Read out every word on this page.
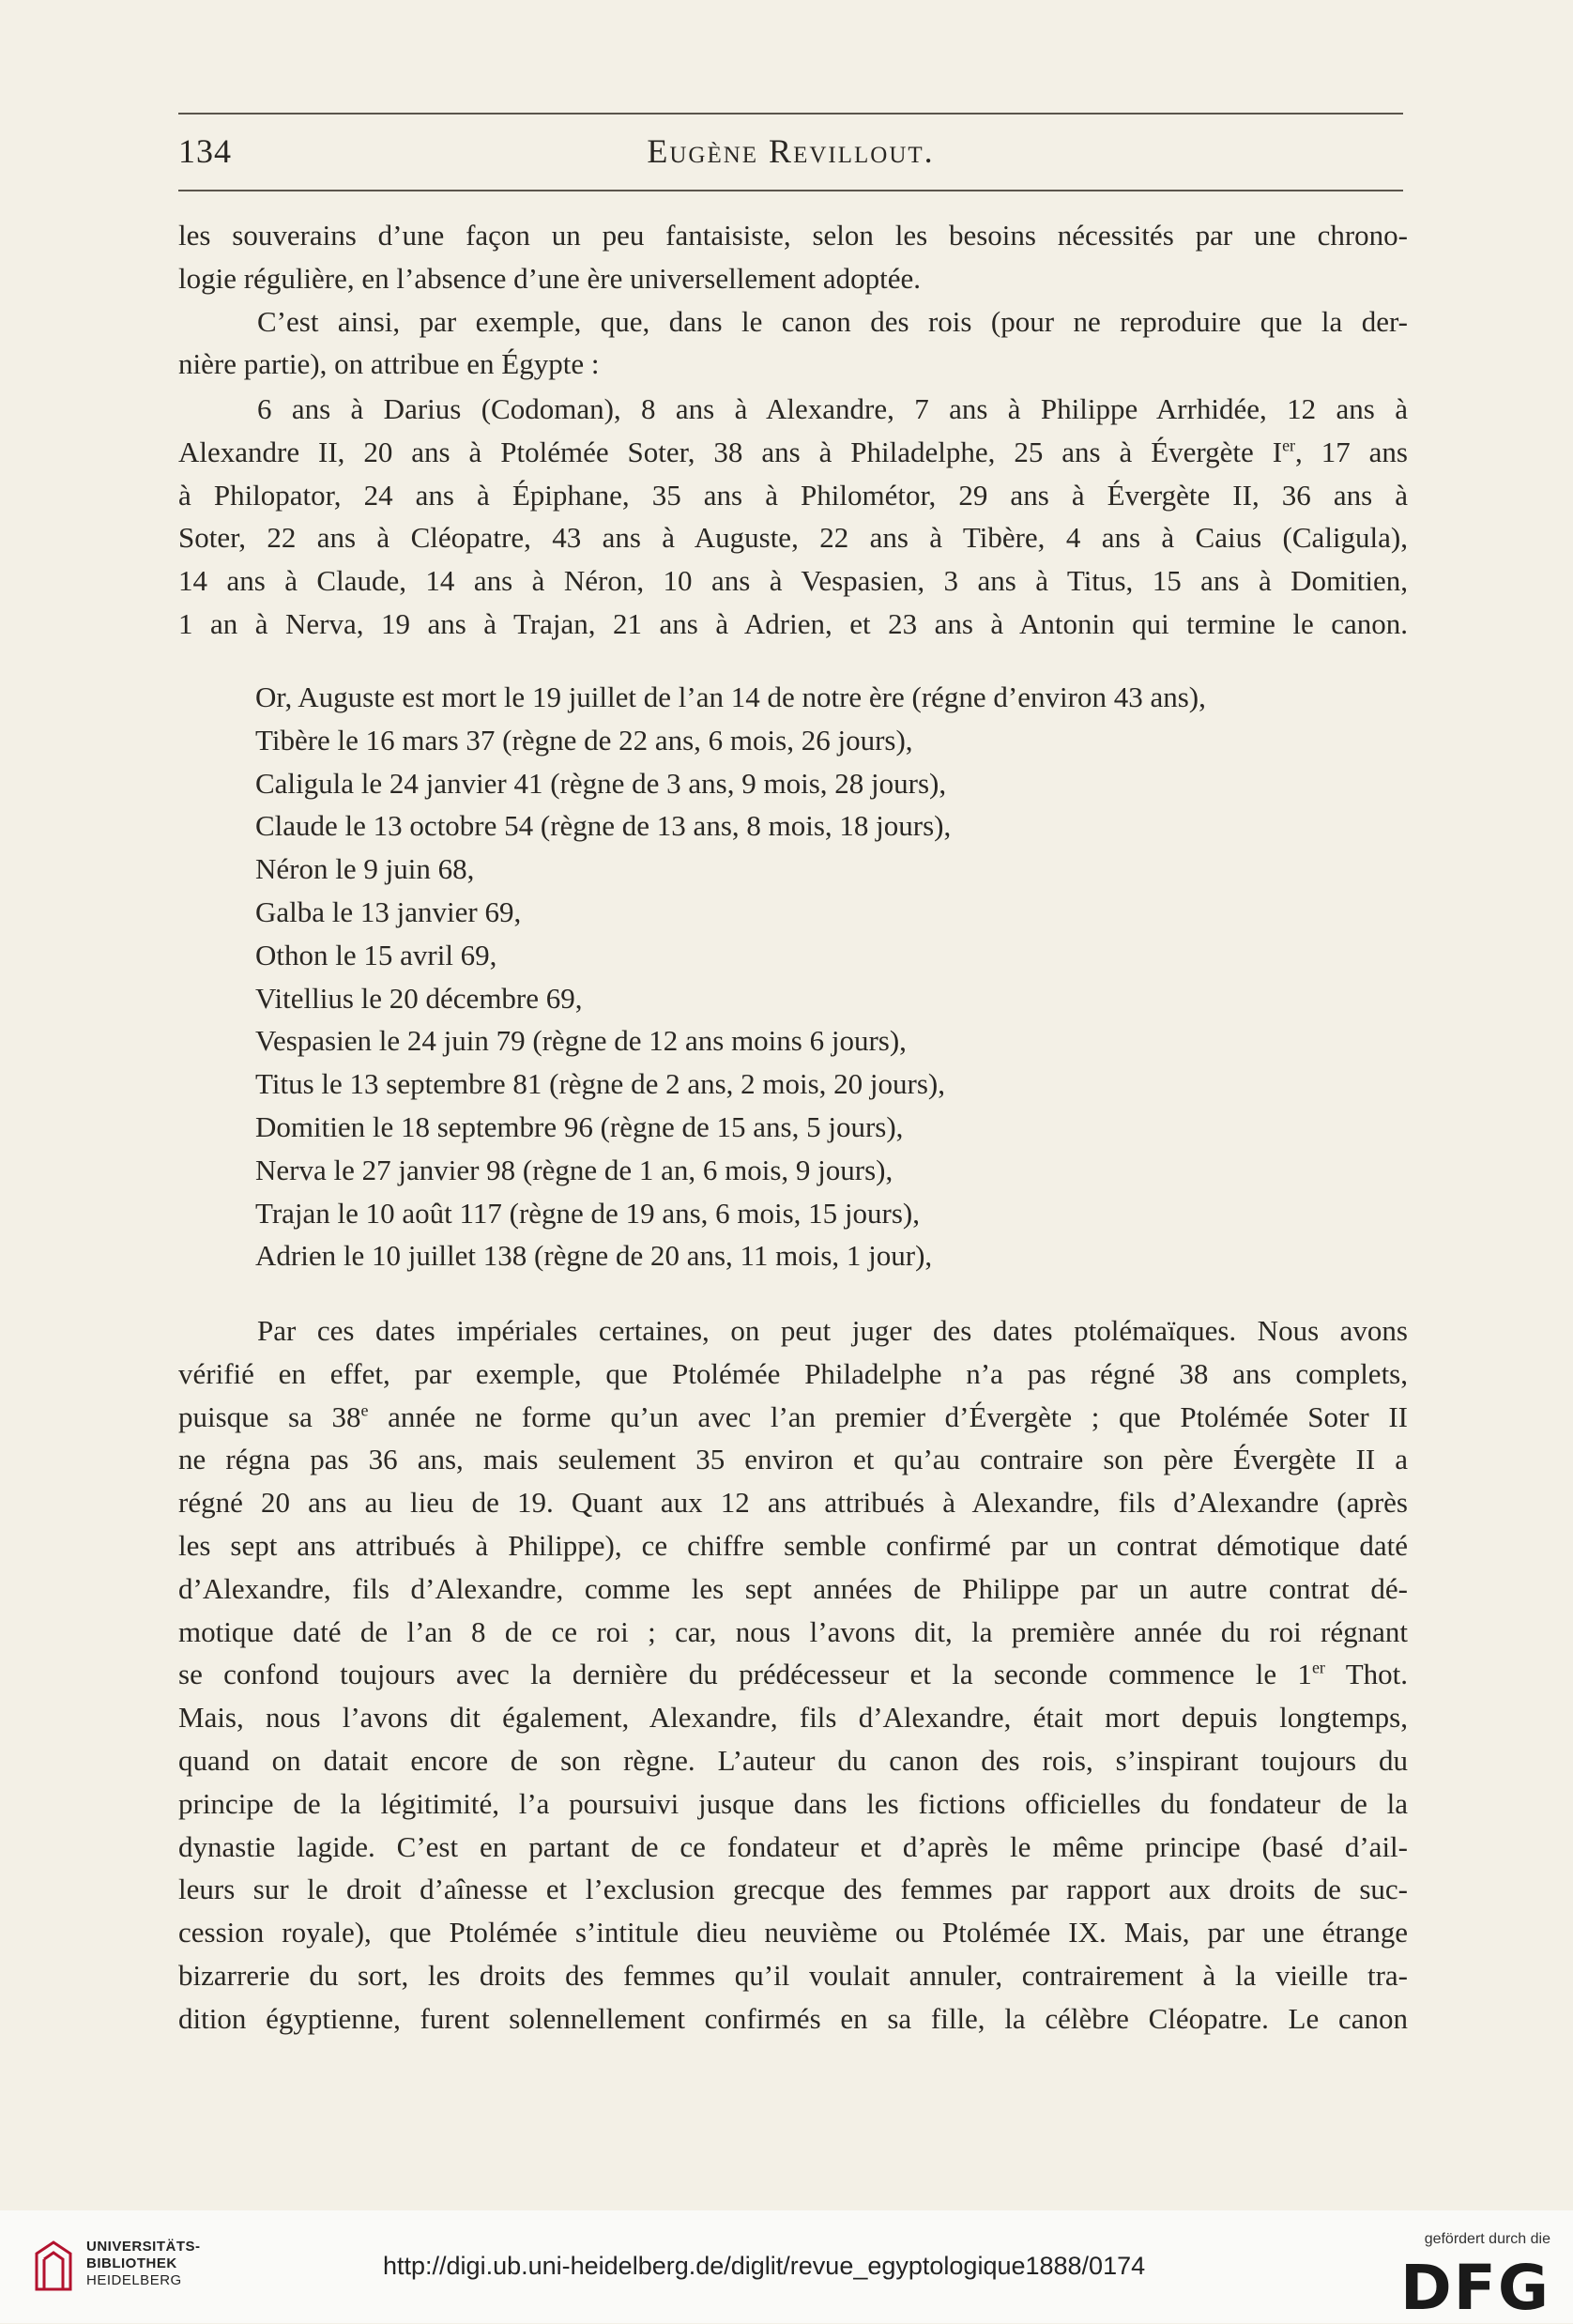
134	Eugène Revillout.

les souverains d’une façon un peu fantaisiste, selon les besoins nécessités par une chrono-

logie régulière, en l’absence d’une ère universellement adoptée.

C’est ainsi, par exemple, que, dans le canon des rois (pour ne reproduire que la der-

nière partie), on attribue en Égypte :

6 ans à Darius (Codoman), 8 ans à Alexandre, 7 ans à Philippe Arrhidée, 12 ans à

Alexandre II, 20 ans à Ptolémée Soter, 38 ans à Philadelphe, 25 ans à Évergète Ier, 17 ans

à Philopator, 24 ans à Épiphane, 35 ans à Philométor, 29 ans à Évergète II, 36 ans à

Soter, 22 ans à Cléopatre, 43 ans à Auguste, 22 ans à Tibère, 4 ans à Caius (Caligula),

14 ans à Claude, 14 ans à Néron, 10 ans à Vespasien, 3 ans à Titus, 15 ans à Domitien,

1 an à Nerva, 19 ans à Trajan, 21 ans à Adrien, et 23 ans à Antonin qui termine le canon.

Or, Auguste est mort le 19 juillet de l’an 14 de notre ère (régne d’environ 43 ans),

Tibère le 16 mars 37 (règne de 22 ans, 6 mois, 26 jours),

Caligula le 24 janvier 41 (règne de 3 ans, 9 mois, 28 jours),

Claude le 13 octobre 54 (règne de 13 ans, 8 mois, 18 jours),

Néron le 9 juin 68,

Galba le 13 janvier 69,

Othon le 15 avril 69,

Vitellius le 20 décembre 69,

Vespasien le 24 juin 79 (règne de 12 ans moins 6 jours),

Titus le 13 septembre 81 (règne de 2 ans, 2 mois, 20 jours),

Domitien le 18 septembre 96 (règne de 15 ans, 5 jours),

Nerva le 27 janvier 98 (règne de 1 an, 6 mois, 9 jours),

Trajan le 10 août 117 (règne de 19 ans, 6 mois, 15 jours),

Adrien le 10 juillet 138 (règne de 20 ans, 11 mois, 1 jour),

Par ces dates impériales certaines, on peut juger des dates ptolémaïques. Nous avons

vérifié en effet, par exemple, que Ptolémée Philadelphe n’a pas régné 38 ans complets,

puisque sa 38e année ne forme qu’un avec l’an premier d’Évergète ; que Ptolémée Soter II

ne régna pas 36 ans, mais seulement 35 environ et qu’au contraire son père Évergète II a

régné 20 ans au lieu de 19. Quant aux 12 ans attribués à Alexandre, fils d’Alexandre (après

les sept ans attribués à Philippe), ce chiffre semble confirmé par un contrat démotique daté

d’Alexandre, fils d’Alexandre, comme les sept années de Philippe par un autre contrat dé-

motique daté de l’an 8 de ce roi ; car, nous l’avons dit, la première année du roi régnant

se confond toujours avec la dernière du prédécesseur et la seconde commence le 1er Thot.

Mais, nous l’avons dit également, Alexandre, fils d’Alexandre, était mort depuis longtemps,

quand on datait encore de son règne. L’auteur du canon des rois, s’inspirant toujours du

principe de la légitimité, l’a poursuivi jusque dans les fictions officielles du fondateur de la

dynastie lagide. C’est en partant de ce fondateur et d’après le même principe (basé d’ail-

leurs sur le droit d’aînesse et l’exclusion grecque des femmes par rapport aux droits de suc-

cession royale), que Ptolémée s’intitule dieu neuvième ou Ptolémée IX. Mais, par une étrange

bizarrerie du sort, les droits des femmes qu’il voulait annuler, contrairement à la vieille tra-

dition égyptienne, furent solennellement confirmés en sa fille, la célèbre Cléopatre. Le canon

UNIVERSITÄTS-
BIBLIOTHEK
HEIDELBERG
http://digi.ub.uni-heidelberg.de/diglit/revue_egyptologique1888/0174
gefördert durch die
DFG
